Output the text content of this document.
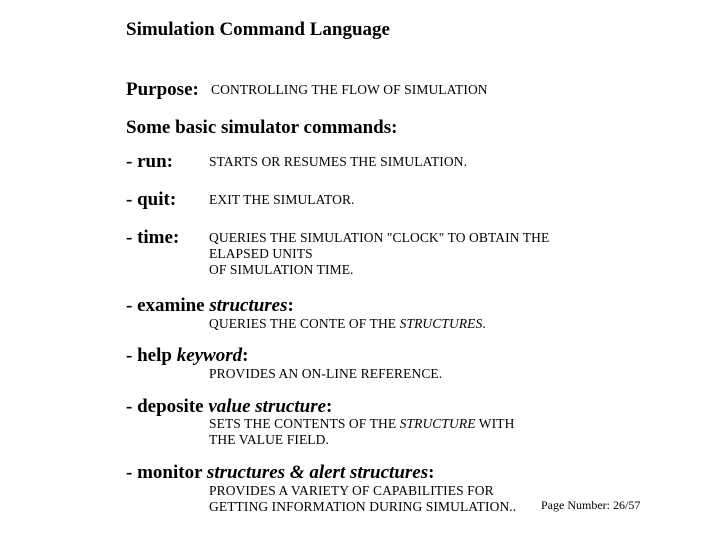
Simulation Command Language
Purpose: CONTROLLING THE FLOW OF SIMULATION
Some basic simulator commands:
- run:	STARTS OR RESUMES THE SIMULATION.
- quit: EXIT THE SIMULATOR.
- time: QUERIES THE SIMULATION "CLOCK" TO OBTAIN THE
ELAPSED UNITS
OF SIMULATION TIME.
- examine structures:
QUERIES THE CONTE OF THE STRUCTURES.
- help keyword:
PROVIDES AN ON-LINE REFERENCE.
- deposite value structure:
SETS THE CONTENTS OF THE STRUCTURE WITH
THE VALUE FIELD.
- monitor structures & alert structures:
PROVIDES A VARIETY OF CAPABILITIES FOR
GETTING INFORMATION DURING SIMULATION.. Page Number: 26/57
